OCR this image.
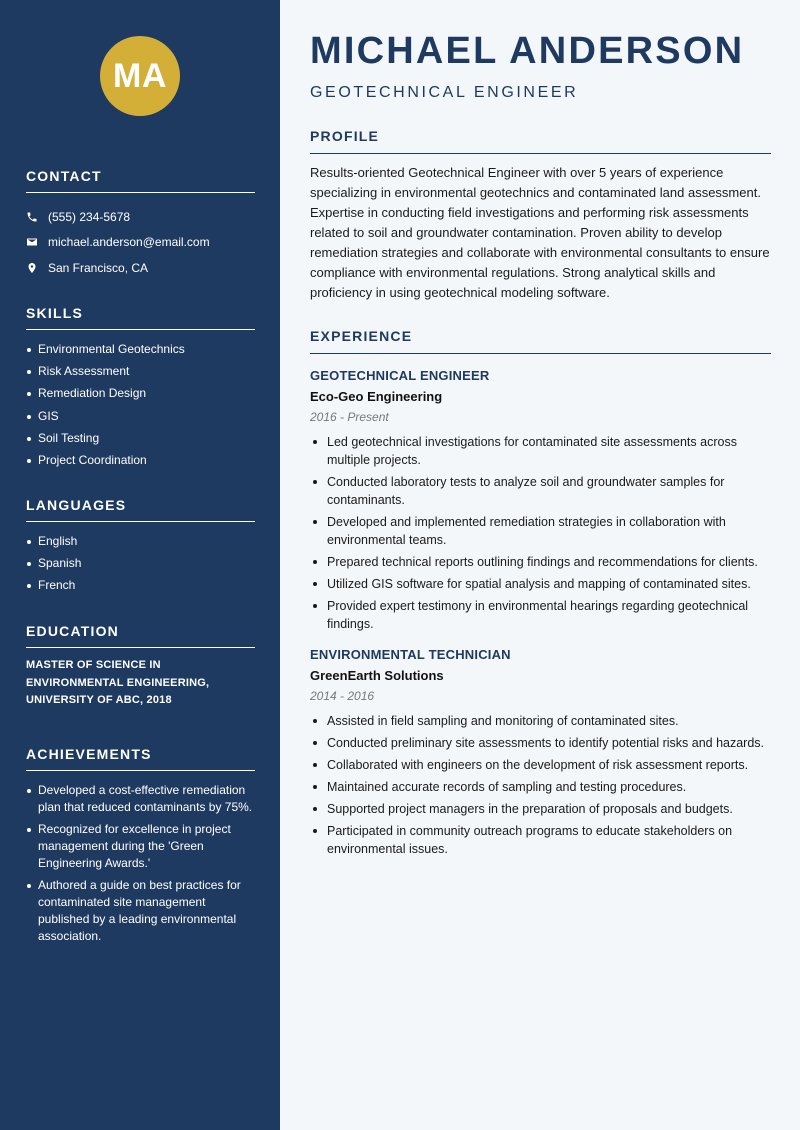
MA
CONTACT
(555) 234-5678
michael.anderson@email.com
San Francisco, CA
SKILLS
Environmental Geotechnics
Risk Assessment
Remediation Design
GIS
Soil Testing
Project Coordination
LANGUAGES
English
Spanish
French
EDUCATION
MASTER OF SCIENCE IN
ENVIRONMENTAL ENGINEERING,
UNIVERSITY OF ABC, 2018
ACHIEVEMENTS
Developed a cost-effective remediation plan that reduced contaminants by 75%.
Recognized for excellence in project management during the 'Green Engineering Awards.'
Authored a guide on best practices for contaminated site management published by a leading environmental association.
MICHAEL ANDERSON
GEOTECHNICAL ENGINEER
PROFILE

Results-oriented Geotechnical Engineer with over 5 years of experience specializing in environmental geotechnics and contaminated land assessment. Expertise in conducting field investigations and performing risk assessments related to soil and groundwater contamination. Proven ability to develop remediation strategies and collaborate with environmental consultants to ensure compliance with environmental regulations. Strong analytical skills and proficiency in using geotechnical modeling software.

EXPERIENCE
GEOTECHNICAL ENGINEER
Eco-Geo Engineering
2016 - Present
Led geotechnical investigations for contaminated site assessments across multiple projects.
Conducted laboratory tests to analyze soil and groundwater samples for contaminants.
Developed and implemented remediation strategies in collaboration with environmental teams.
Prepared technical reports outlining findings and recommendations for clients.
Utilized GIS software for spatial analysis and mapping of contaminated sites.
Provided expert testimony in environmental hearings regarding geotechnical findings.
ENVIRONMENTAL TECHNICIAN
GreenEarth Solutions
2014 - 2016
Assisted in field sampling and monitoring of contaminated sites.
Conducted preliminary site assessments to identify potential risks and hazards.
Collaborated with engineers on the development of risk assessment reports.
Maintained accurate records of sampling and testing procedures.
Supported project managers in the preparation of proposals and budgets.
Participated in community outreach programs to educate stakeholders on environmental issues.
